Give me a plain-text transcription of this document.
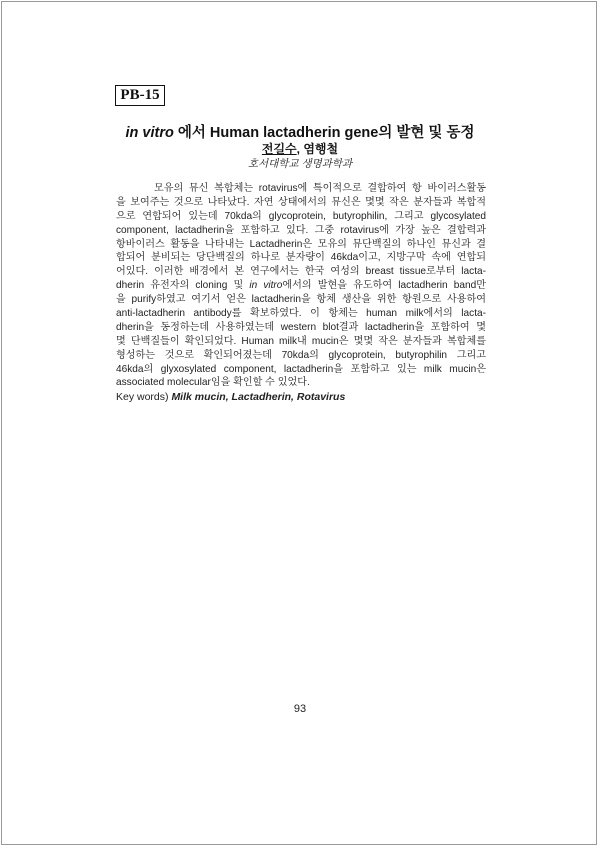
PB-15
in vitro 에서 Human lactadherin gene의 발현 및 동정
전길수, 염행철
호서대학교 생명과학과
모유의 뮤신 복합체는 rotavirus에 특이적으로 결합하여 항 바이러스활동
을 보여주는 것으로 나타났다. 자연 상태에서의 뮤신은 몇몇 작은 분자들과 복합적
으로 연합되어 있는데 70kda의 glycoprotein, butyrophilin, 그리고 glycosylated
component, lactadherin을 포함하고 있다. 그중 rotavirus에 가장 높은 결합력과
항바이러스 활동을 나타내는 Lactadherin은 모유의 뮤단백질의 하나인 뮤신과 결
합되어 분비되는 당단백질의 하나로 분자량이 46kda이고, 지방구막 속에 연합되
어있다. 이러한 배경에서 본 연구에서는 한국 여성의 breast tissue로부터 lacta-
dherin 유전자의 cloning 및 in vitro에서의 발현을 유도하여 lactadherin band만
을 purify하였고 여기서 얻은 lactadherin을 항체 생산을 위한 항원으로 사용하여
anti-lactadherin antibody를 확보하였다. 이 항체는 human milk에서의 lacta-
dherin을 동정하는데 사용하였는데 western blot결과 lactadherin을 포함하여 몇
몇 단백질들이 확인되었다. Human milk내 mucin은 몇몇 작은 분자들과 복합체를
형성하는 것으로 확인되어졌는데 70kda의 glycoprotein, butyrophilin 그리고
46kda의 glyxosylated component, lactadherin을 포함하고 있는 milk mucin은
associated molecular임을 확인할 수 있었다.
Key words) Milk mucin, Lactadherin, Rotavirus
93
